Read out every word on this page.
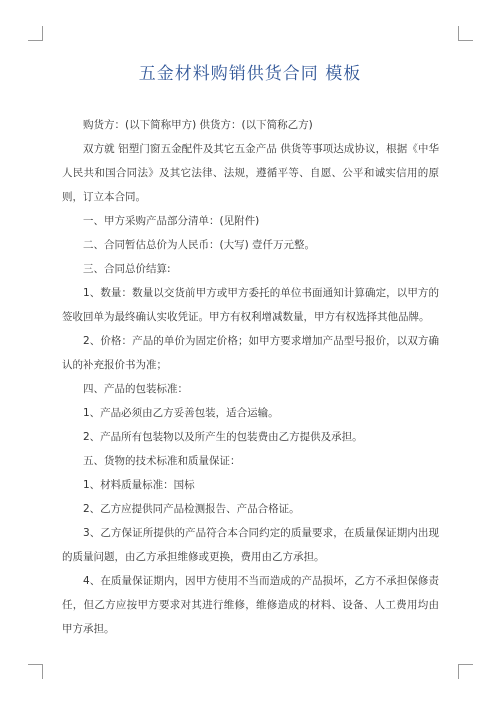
五金材料购销供货合同 模板

购货方：(以下简称甲方) 供货方：(以下简称乙方)

双方就 铝塑门窗五金配件及其它五金产品 供货等事项达成协议，根据《中华人民共和国合同法》及其它法律、法规，遵循平等、自愿、公平和诚实信用的原则，订立本合同。

一、甲方采购产品部分清单：(见附件)

二、合同暂估总价为人民币：(大写) 壹仟万元整。

三、合同总价结算:

1、数量：数量以交货前甲方或甲方委托的单位书面通知计算确定，以甲方的签收回单为最终确认实收凭证。甲方有权利增减数量，甲方有权选择其他品牌。

2、价格：产品的单价为固定价格；如甲方要求增加产品型号报价，以双方确认的补充报价书为准；

四、产品的包装标准：

1、产品必须由乙方妥善包装，适合运输。

2、产品所有包装物以及所产生的包装费由乙方提供及承担。

五、货物的技术标准和质量保证：

1、材料质量标准：国标

2、乙方应提供同产品检测报告、产品合格证。

3、乙方保证所提供的产品符合本合同约定的质量要求，在质量保证期内出现的质量问题，由乙方承担维修或更换，费用由乙方承担。

4、在质量保证期内，因甲方使用不当而造成的产品损坏，乙方不承担保修责任，但乙方应按甲方要求对其进行维修，维修造成的材料、设备、人工费用均由甲方承担。
